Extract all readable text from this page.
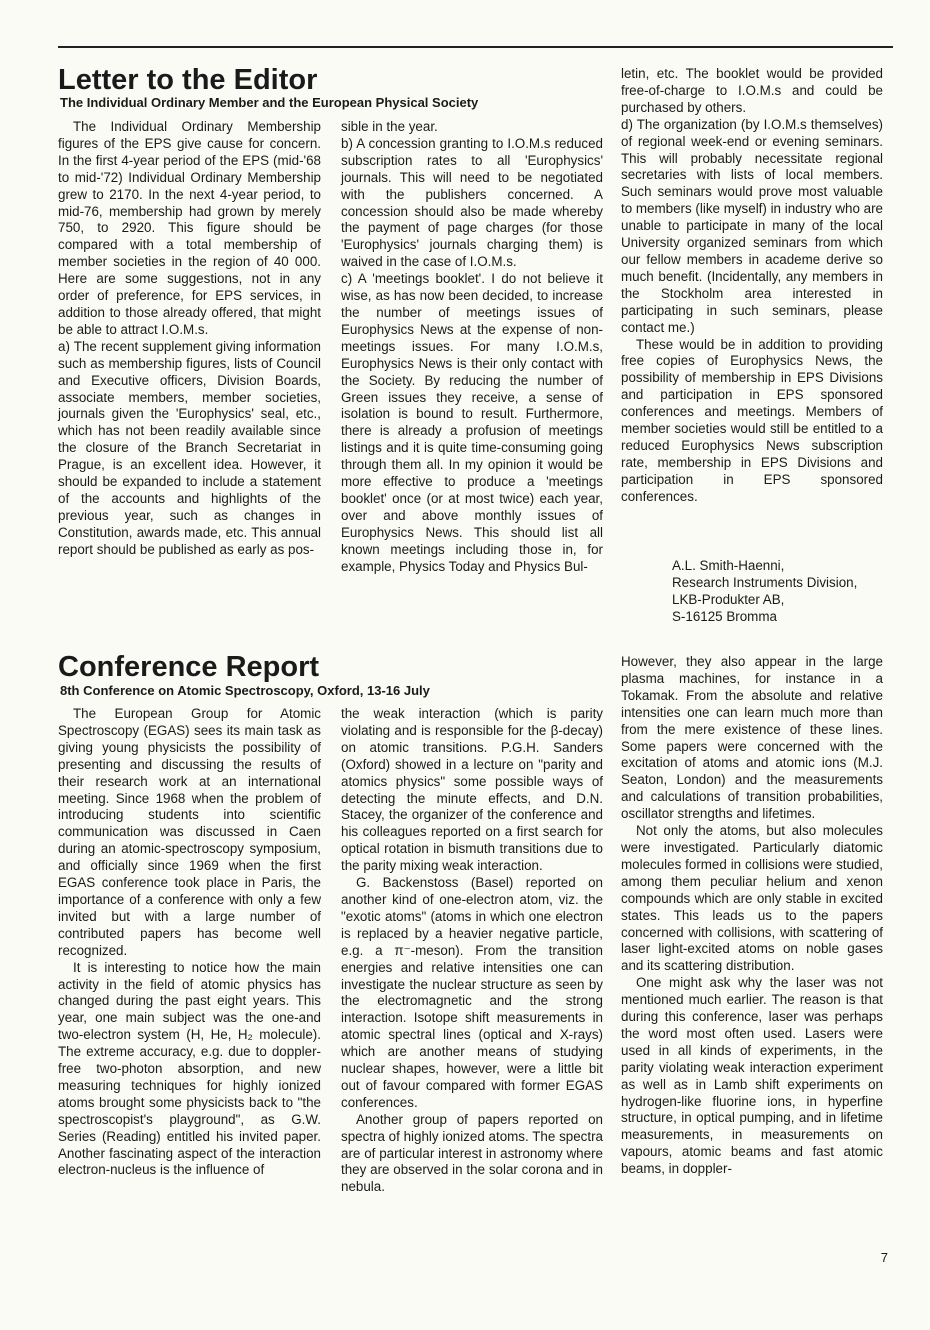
Letter to the Editor
The Individual Ordinary Member and the European Physical Society

The Individual Ordinary Membership figures of the EPS give cause for concern. In the first 4-year period of the EPS (mid-'68 to mid-'72) Individual Ordinary Membership grew to 2170. In the next 4-year period, to mid-76, membership had grown by merely 750, to 2920. This figure should be compared with a total membership of member societies in the region of 40 000. Here are some suggestions, not in any order of preference, for EPS services, in addition to those already offered, that might be able to attract I.O.M.s.

a) The recent supplement giving information such as membership figures, lists of Council and Executive officers, Division Boards, associate members, member societies, journals given the 'Europhysics' seal, etc., which has not been readily available since the closure of the Branch Secretariat in Prague, is an excellent idea. However, it should be expanded to include a statement of the accounts and highlights of the previous year, such as changes in Constitution, awards made, etc. This annual report should be published as early as pos-

sible in the year.

b) A concession granting to I.O.M.s reduced subscription rates to all 'Europhysics' journals. This will need to be negotiated with the publishers concerned. A concession should also be made whereby the payment of page charges (for those 'Europhysics' journals charging them) is waived in the case of I.O.M.s.

c) A 'meetings booklet'. I do not believe it wise, as has now been decided, to increase the number of meetings issues of Europhysics News at the expense of non-meetings issues. For many I.O.M.s, Europhysics News is their only contact with the Society. By reducing the number of Green issues they receive, a sense of isolation is bound to result. Furthermore, there is already a profusion of meetings listings and it is quite time-consuming going through them all. In my opinion it would be more effective to produce a 'meetings booklet' once (or at most twice) each year, over and above monthly issues of Europhysics News. This should list all known meetings including those in, for example, Physics Today and Physics Bul-

letin, etc. The booklet would be provided free-of-charge to I.O.M.s and could be purchased by others.

d) The organization (by I.O.M.s themselves) of regional week-end or evening seminars. This will probably necessitate regional secretaries with lists of local members. Such seminars would prove most valuable to members (like myself) in industry who are unable to participate in many of the local University organized seminars from which our fellow members in academe derive so much benefit. (Incidentally, any members in the Stockholm area interested in participating in such seminars, please contact me.)

These would be in addition to providing free copies of Europhysics News, the possibility of membership in EPS Divisions and participation in EPS sponsored conferences and meetings. Members of member societies would still be entitled to a reduced Europhysics News subscription rate, membership in EPS Divisions and participation in EPS sponsored conferences.

A.L. Smith-Haenni,
Research Instruments Division,
LKB-Produkter AB,
S-16125 Bromma
Conference Report
8th Conference on Atomic Spectroscopy, Oxford, 13-16 July

The European Group for Atomic Spectroscopy (EGAS) sees its main task as giving young physicists the possibility of presenting and discussing the results of their research work at an international meeting. Since 1968 when the problem of introducing students into scientific communication was discussed in Caen during an atomic-spectroscopy symposium, and officially since 1969 when the first EGAS conference took place in Paris, the importance of a conference with only a few invited but with a large number of contributed papers has become well recognized.

It is interesting to notice how the main activity in the field of atomic physics has changed during the past eight years. This year, one main subject was the one-and two-electron system (H, He, H₂ molecule). The extreme accuracy, e.g. due to doppler-free two-photon absorption, and new measuring techniques for highly ionized atoms brought some physicists back to "the spectroscopist's playground", as G.W. Series (Reading) entitled his invited paper. Another fascinating aspect of the interaction electron-nucleus is the influence of

the weak interaction (which is parity violating and is responsible for the β-decay) on atomic transitions. P.G.H. Sanders (Oxford) showed in a lecture on "parity and atomics physics" some possible ways of detecting the minute effects, and D.N. Stacey, the organizer of the conference and his colleagues reported on a first search for optical rotation in bismuth transitions due to the parity mixing weak interaction.

G. Backenstoss (Basel) reported on another kind of one-electron atom, viz. the "exotic atoms" (atoms in which one electron is replaced by a heavier negative particle, e.g. a π⁻-meson). From the transition energies and relative intensities one can investigate the nuclear structure as seen by the electromagnetic and the strong interaction. Isotope shift measurements in atomic spectral lines (optical and X-rays) which are another means of studying nuclear shapes, however, were a little bit out of favour compared with former EGAS conferences.

Another group of papers reported on spectra of highly ionized atoms. The spectra are of particular interest in astronomy where they are observed in the solar corona and in nebula.

However, they also appear in the large plasma machines, for instance in a Tokamak. From the absolute and relative intensities one can learn much more than from the mere existence of these lines. Some papers were concerned with the excitation of atoms and atomic ions (M.J. Seaton, London) and the measurements and calculations of transition probabilities, oscillator strengths and lifetimes.

Not only the atoms, but also molecules were investigated. Particularly diatomic molecules formed in collisions were studied, among them peculiar helium and xenon compounds which are only stable in excited states. This leads us to the papers concerned with collisions, with scattering of laser light-excited atoms on noble gases and its scattering distribution.

One might ask why the laser was not mentioned much earlier. The reason is that during this conference, laser was perhaps the word most often used. Lasers were used in all kinds of experiments, in the parity violating weak interaction experiment as well as in Lamb shift experiments on hydrogen-like fluorine ions, in hyperfine structure, in optical pumping, and in lifetime measurements, in measurements on vapours, atomic beams and fast atomic beams, in doppler-

7
